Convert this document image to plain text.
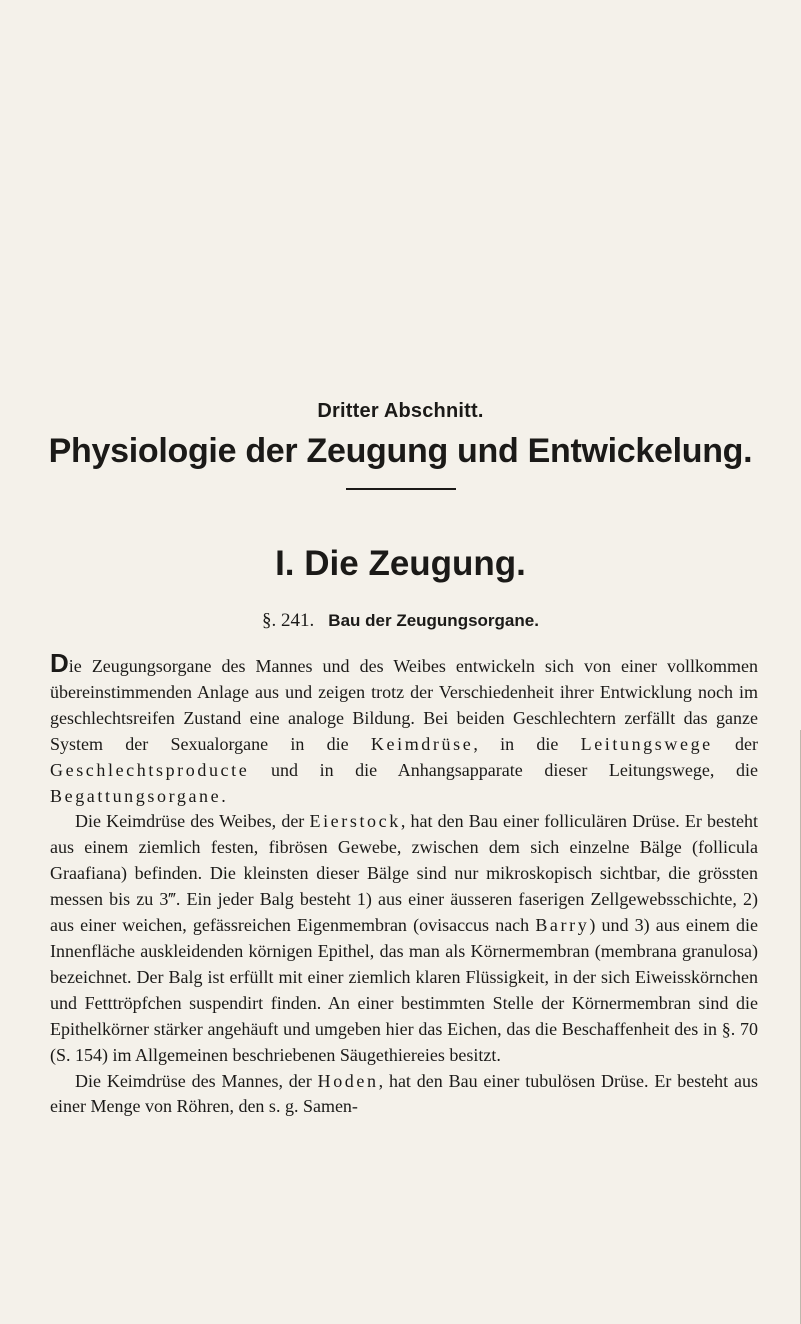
Dritter Abschnitt.
Physiologie der Zeugung und Entwickelung.
I. Die Zeugung.
§. 241. Bau der Zeugungsorgane.

Die Zeugungsorgane des Mannes und des Weibes entwickeln sich von einer vollkommen übereinstimmenden Anlage aus und zeigen trotz der Verschiedenheit ihrer Entwicklung noch im geschlechtsreifen Zustand eine analoge Bildung. Bei beiden Geschlechtern zerfällt das ganze System der Sexualorgane in die Keimdrüse, in die Leitungswege der Geschlechtsproducte und in die Anhangsapparate dieser Leitungswege, die Begattungsorgane.

Die Keimdrüse des Weibes, der Eierstock, hat den Bau einer folliculären Drüse. Er besteht aus einem ziemlich festen, fibrösen Gewebe, zwischen dem sich einzelne Bälge (follicula Graafiana) befinden. Die kleinsten dieser Bälge sind nur mikroskopisch sichtbar, die grössten messen bis zu 3‴. Ein jeder Balg besteht 1) aus einer äusseren faserigen Zellgewebsschichte, 2) aus einer weichen, gefässreichen Eigenmembran (ovisaccus nach Barry) und 3) aus einem die Innenfläche auskleidenden körnigen Epithel, das man als Körnermembran (membrana granulosa) bezeichnet. Der Balg ist erfüllt mit einer ziemlich klaren Flüssigkeit, in der sich Eiweisskörnchen und Fetttröpfchen suspendirt finden. An einer bestimmten Stelle der Körnermembran sind die Epithelkörner stärker angehäuft und umgeben hier das Eichen, das die Beschaffenheit des in §. 70 (S. 154) im Allgemeinen beschriebenen Säugethiereies besitzt.

Die Keimdrüse des Mannes, der Hoden, hat den Bau einer tubulösen Drüse. Er besteht aus einer Menge von Röhren, den s. g. Samen-
